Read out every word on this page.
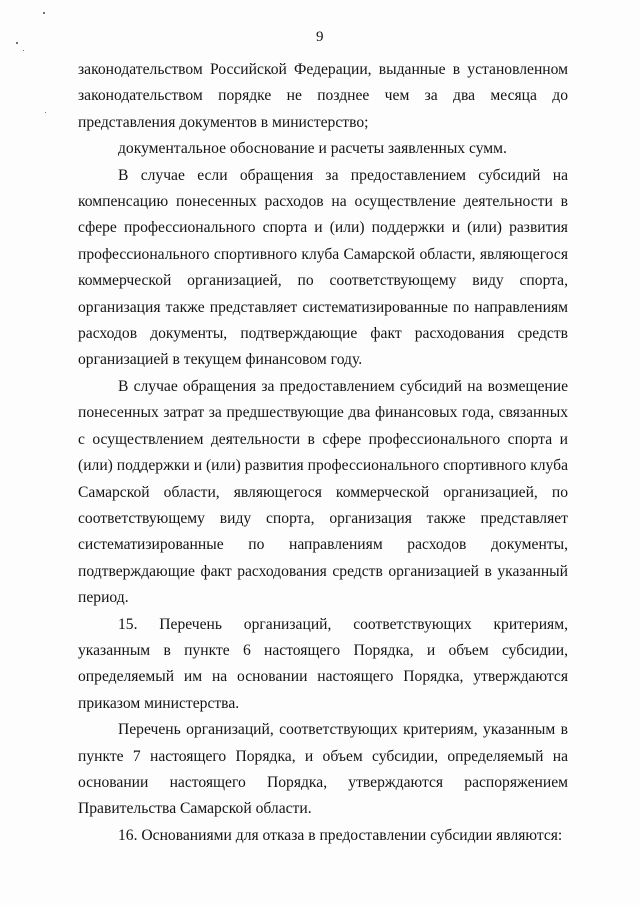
9

законодательством Российской Федерации, выданные в установленном законодательством порядке не позднее чем за два месяца до представления документов в министерство;

документальное обоснование и расчеты заявленных сумм.

В случае если обращения за предоставлением субсидий на компенсацию понесенных расходов на осуществление деятельности в сфере профессионального спорта и (или) поддержки и (или) развития профессионального спортивного клуба Самарской области, являющегося коммерческой организацией, по соответствующему виду спорта, организация также представляет систематизированные по направлениям расходов документы, подтверждающие факт расходования средств организацией в текущем финансовом году.

В случае обращения за предоставлением субсидий на возмещение понесенных затрат за предшествующие два финансовых года, связанных с осуществлением деятельности в сфере профессионального спорта и (или) поддержки и (или) развития профессионального спортивного клуба Самарской области, являющегося коммерческой организацией, по соответствующему виду спорта, организация также представляет систематизированные по направлениям расходов документы, подтверждающие факт расходования средств организацией в указанный период.

15. Перечень организаций, соответствующих критериям, указанным в пункте 6 настоящего Порядка, и объем субсидии, определяемый им на основании настоящего Порядка, утверждаются приказом министерства.

Перечень организаций, соответствующих критериям, указанным в пункте 7 настоящего Порядка, и объем субсидии, определяемый на основании настоящего Порядка, утверждаются распоряжением Правительства Самарской области.

16. Основаниями для отказа в предоставлении субсидии являются:
